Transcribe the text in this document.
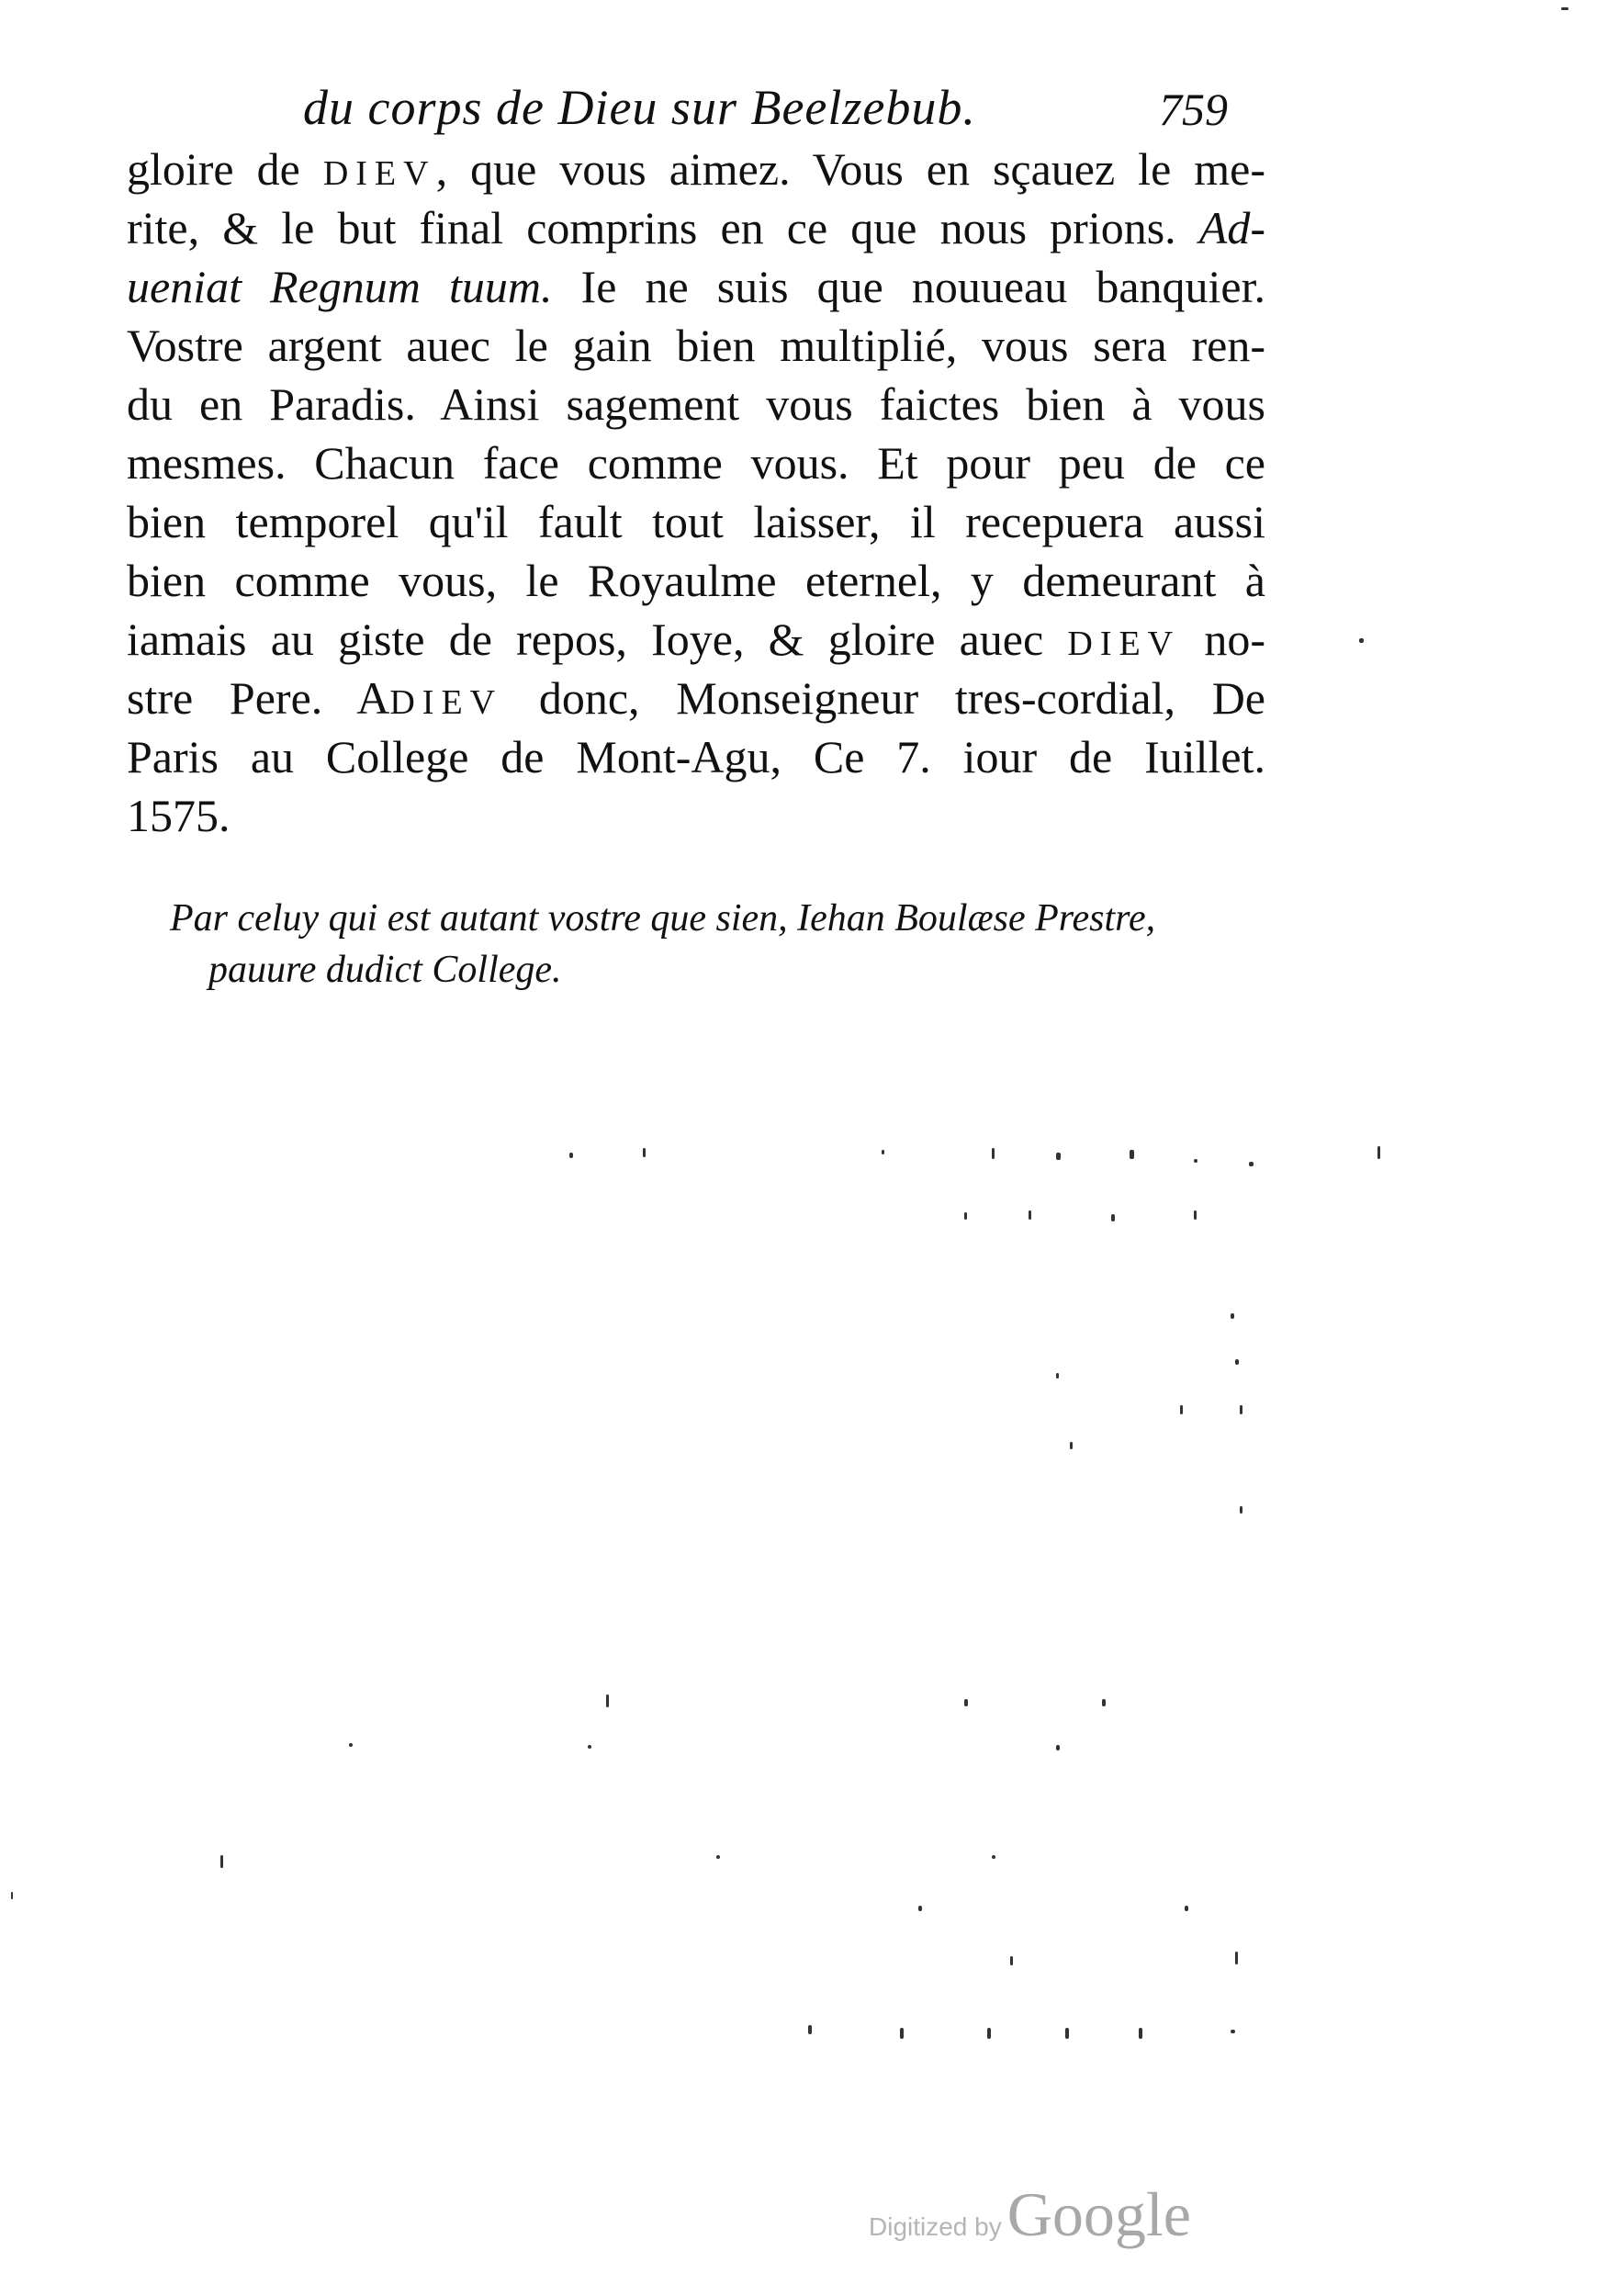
du corps de Dieu sur Beelzebub.	759
gloire de DIEV, que vous aimez. Vous en sçauez le me-
rite, & le but final comprins en ce que nous prions. Ad-
ueniat Regnum tuum. Ie ne suis que nouueau banquier.
Vostre argent auec le gain bien multiplié, vous sera ren-
du en Paradis. Ainsi sagement vous faictes bien à vous
mesmes. Chacun face comme vous. Et pour peu de ce
bien temporel qu'il fault tout laisser, il recepuera aussi
bien comme vous, le Royaulme eternel, y demeurant à
iamais au giste de repos, Ioye, & gloire auec DIEV no-
stre Pere. ADIEV donc, Monseigneur tres-cordial, De
Paris au College de Mont-Agu, Ce 7. iour de Iuillet.
1575.
Par celuy qui est autant vostre que sien, Iehan Boulæse Prestre,
pauure dudict College.
Digitized byGoogle
